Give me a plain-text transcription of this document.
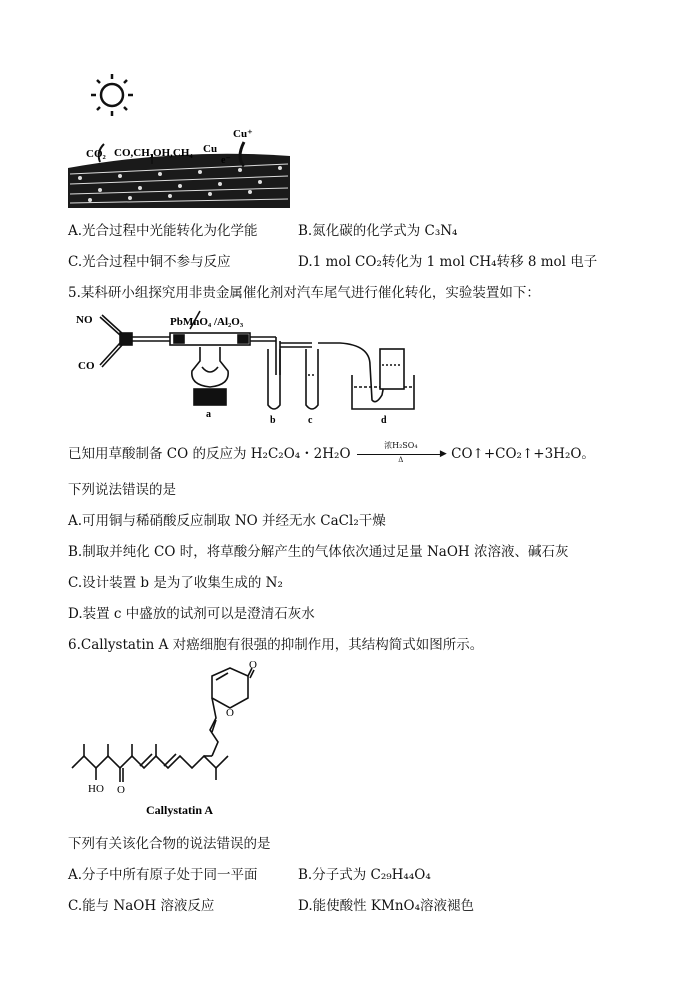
CO₂ CO,CH₃OH,CH₄ Cu
e⁻
Cu⁺
A.光合过程中光能转化为化学能	B.氮化碳的化学式为 C₃N₄
C.光合过程中铜不参与反应	D.1 mol CO₂转化为 1 mol CH₄转移 8 mol 电子
5.某科研小组探究用非贵金属催化剂对汽车尾气进行催化转化，实验装置如下：
NO
CO
PbMnO₄ /Al₂O₃
a
b	c	d
已知用草酸制备 CO 的反应为 H₂C₂O₄・2H₂O
浓H₂SO₄
▶
Δ	CO↑+CO₂↑+3H₂O。
下列说法错误的是
A.可用铜与稀硝酸反应制取 NO 并经无水 CaCl₂干燥
B.制取并纯化 CO 时，将草酸分解产生的气体依次通过足量 NaOH 浓溶液、碱石灰
C.设计装置 b 是为了收集生成的 N₂
D.装置 c 中盛放的试剂可以是澄清石灰水
6.Callystatin A 对癌细胞有很强的抑制作用，其结构简式如图所示。
O
O
HO O
Callystatin A
下列有关该化合物的说法错误的是
A.分子中所有原子处于同一平面	B.分子式为 C₂₉H₄₄O₄
C.能与 NaOH 溶液反应	D.能使酸性 KMnO₄溶液褪色
